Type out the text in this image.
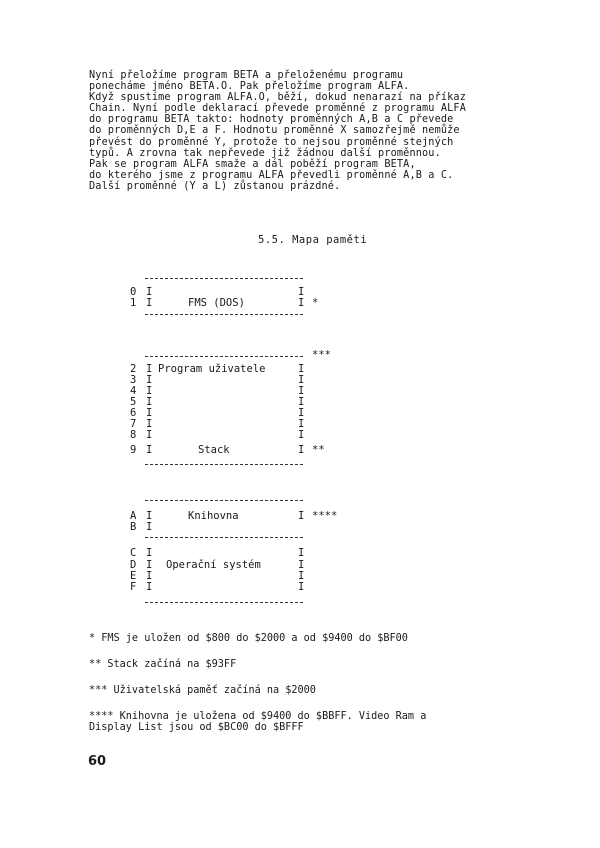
Nyní přeložíme program BETA a přeloženému programu
ponecháme jméno BETA.O. Pak přeložíme program ALFA.
Když spustíme program ALFA.O, běží, dokud nenarazí na příkaz
Chain. Nyní podle deklarací převede proměnné z programu ALFA
do programu BETA takto: hodnoty proměnných A,B a C převede
do proměnných D,E a F. Hodnotu proměnné X samozřejmě nemůže
převést do proměnné Y, protože to nejsou proměnné stejných
typů. A zrovna tak nepřevede již žádnou další proměnnou.
Pak se program ALFA smaže a dál poběží program BETA,
do kterého jsme z programu ALFA převedli proměnné A,B a C.
Další proměnné (Y a L) zůstanou prázdné.
5.5. Mapa paměti
0 I	I
1 I	FMS (DOS)	I *
***
2 I Program uživatele	I
3 I	I
4 I	I
5 I	I
6 I	I
7 I	I
8 I	I
9 I	Stack	I **
A I	Knihovna	I ****
B I
C I	I
D I Operační systém	I
E I	I
F I	I
* FMS je uložen od $800 do $2000 a od $9400 do $BF00
** Stack začíná na $93FF
*** Uživatelská paměť začíná na $2000
**** Knihovna je uložena od $9400 do $BBFF. Video Ram a
Display List jsou od $BC00 do $BFFF
60
